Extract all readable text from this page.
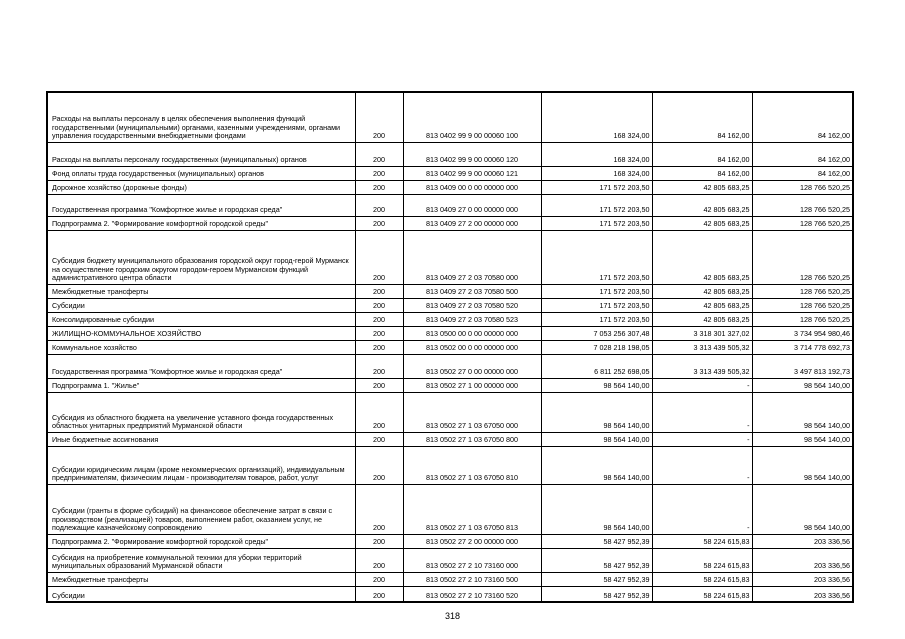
Расходы на выплаты персоналу в целях обеспечения выполнения функций государственными (муниципальными) органами, казенными учреждениями, органами управления государственными внебюджетными фондами	200	813 0402 99 9 00 00060 100	168 324,00	84 162,00	84 162,00
Расходы на выплаты персоналу государственных (муниципальных) органов	200	813 0402 99 9 00 00060 120	168 324,00	84 162,00	84 162,00
Фонд оплаты труда государственных (муниципальных) органов	200	813 0402 99 9 00 00060 121	168 324,00	84 162,00	84 162,00
Дорожное хозяйство (дорожные фонды)	200	813 0409 00 0 00 00000 000	171 572 203,50	42 805 683,25	128 766 520,25
Государственная программа "Комфортное жилье и городская среда"	200	813 0409 27 0 00 00000 000	171 572 203,50	42 805 683,25	128 766 520,25
Подпрограмма 2. "Формирование комфортной городской среды"	200	813 0409 27 2 00 00000 000	171 572 203,50	42 805 683,25	128 766 520,25
Субсидия бюджету муниципального образования городской округ город-герой Мурманск на осуществление городским округом городом-героем Мурманском функций административного центра области	200	813 0409 27 2 03 70580 000	171 572 203,50	42 805 683,25	128 766 520,25
Межбюджетные трансферты	200	813 0409 27 2 03 70580 500	171 572 203,50	42 805 683,25	128 766 520,25
Субсидии	200	813 0409 27 2 03 70580 520	171 572 203,50	42 805 683,25	128 766 520,25
Консолидированные субсидии	200	813 0409 27 2 03 70580 523	171 572 203,50	42 805 683,25	128 766 520,25
ЖИЛИЩНО-КОММУНАЛЬНОЕ ХОЗЯЙСТВО	200	813 0500 00 0 00 00000 000	7 053 256 307,48	3 318 301 327,02	3 734 954 980,46
Коммунальное хозяйство	200	813 0502 00 0 00 00000 000	7 028 218 198,05	3 313 439 505,32	3 714 778 692,73
Государственная программа "Комфортное жилье и городская среда"	200	813 0502 27 0 00 00000 000	6 811 252 698,05	3 313 439 505,32	3 497 813 192,73
Подпрограмма 1. "Жилье"	200	813 0502 27 1 00 00000 000	98 564 140,00	-	98 564 140,00
Субсидия из областного бюджета на увеличение уставного фонда государственных областных унитарных предприятий Мурманской области	200	813 0502 27 1 03 67050 000	98 564 140,00	-	98 564 140,00
Иные бюджетные ассигнования	200	813 0502 27 1 03 67050 800	98 564 140,00	-	98 564 140,00
Субсидии юридическим лицам (кроме некоммерческих организаций), индивидуальным предпринимателям, физическим лицам - производителям товаров, работ, услуг	200	813 0502 27 1 03 67050 810	98 564 140,00	-	98 564 140,00
Субсидии (гранты в форме субсидий) на финансовое обеспечение затрат в связи с производством (реализацией) товаров, выполнением работ, оказанием услуг, не подлежащие казначейскому сопровождению	200	813 0502 27 1 03 67050 813	98 564 140,00	-	98 564 140,00
Подпрограмма 2. "Формирование комфортной городской среды"	200	813 0502 27 2 00 00000 000	58 427 952,39	58 224 615,83	203 336,56
Субсидия на приобретение коммунальной техники для уборки территорий муниципальных образований Мурманской области	200	813 0502 27 2 10 73160 000	58 427 952,39	58 224 615,83	203 336,56
Межбюджетные трансферты	200	813 0502 27 2 10 73160 500	58 427 952,39	58 224 615,83	203 336,56
Субсидии	200	813 0502 27 2 10 73160 520	58 427 952,39	58 224 615,83	203 336,56
318
